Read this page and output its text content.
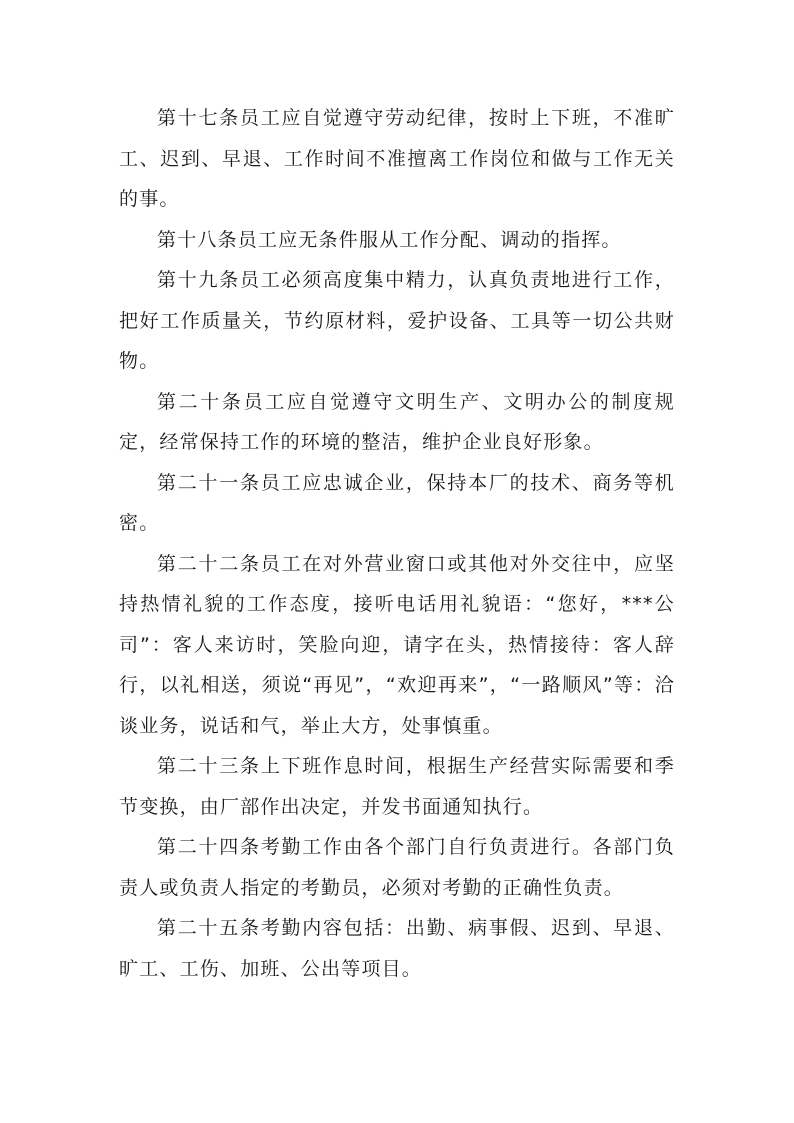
第十七条员工应自觉遵守劳动纪律，按时上下班，不准旷工、迟到、早退、工作时间不准擅离工作岗位和做与工作无关的事。

第十八条员工应无条件服从工作分配、调动的指挥。

第十九条员工必须高度集中精力，认真负责地进行工作，把好工作质量关，节约原材料，爱护设备、工具等一切公共财物。

第二十条员工应自觉遵守文明生产、文明办公的制度规定，经常保持工作的环境的整洁，维护企业良好形象。

第二十一条员工应忠诚企业，保持本厂的技术、商务等机密。

第二十二条员工在对外营业窗口或其他对外交往中，应坚持热情礼貌的工作态度，接听电话用礼貌语：“您好，***公司”：客人来访时，笑脸向迎，请字在头，热情接待：客人辞行，以礼相送，须说“再见”，“欢迎再来”，“一路顺风”等：洽谈业务，说话和气，举止大方，处事慎重。

第二十三条上下班作息时间，根据生产经营实际需要和季节变换，由厂部作出决定，并发书面通知执行。

第二十四条考勤工作由各个部门自行负责进行。各部门负责人或负责人指定的考勤员，必须对考勤的正确性负责。

第二十五条考勤内容包括：出勤、病事假、迟到、早退、旷工、工伤、加班、公出等项目。
